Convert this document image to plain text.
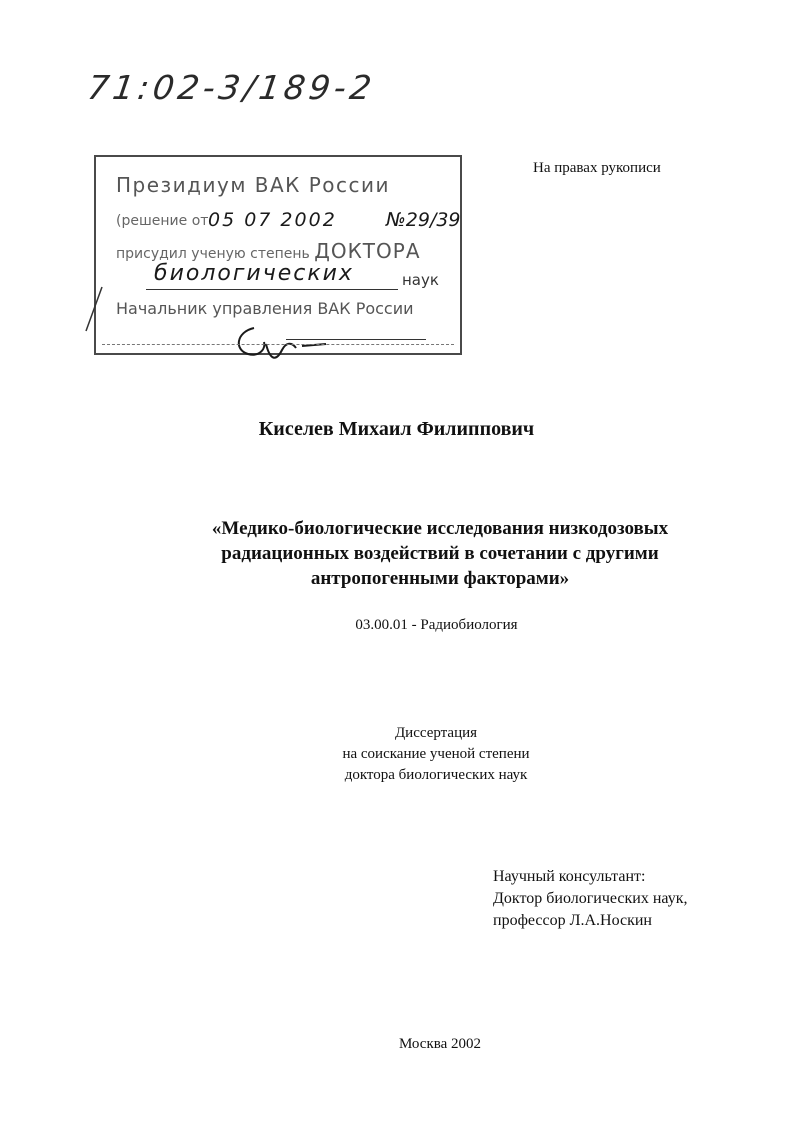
71:02-3/189-2
На правах рукописи
Президиум ВАК России
(решение от 05 07 2002	№29/39
присудил ученую степень ДОКТОРА
биологических	наук
Начальник управления ВАК России
Киселев Михаил Филиппович
«Медико-биологические исследования низкодозовых
радиационных воздействий в сочетании с другими
антропогенными факторами»
03.00.01 - Радиобиология
Диссертация
на соискание ученой степени
доктора биологических наук
Научный консультант:
Доктор биологических наук,
профессор Л.А.Носкин
Москва 2002
